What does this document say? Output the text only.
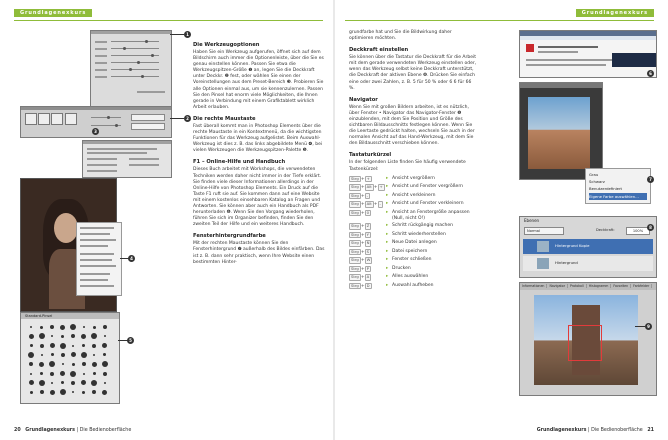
Grundlagenexkurs
Standard-Pinsel
1
2
3
4
5
Die Werkzeugoptionen

Haben Sie ein Werkzeug aufgerufen, öffnet sich auf dem Bildschirm auch immer die Optionenleiste, über die Sie es genau einstellen können. Passen Sie etwa die Werkzeugspitzen-Größe ❶ an, legen Sie die Deckkraft unter Deckkr. ❷ fest, oder wählen Sie einen der Voreinstellungen aus dem Preset-Bereich ❸. Probieren Sie alle Optionen einmal aus, um sie kennenzulernen. Passen Sie den Pinsel hat enorm viele Möglichkeiten, die Ihnen gerade in Verbindung mit einem Grafiktablett wirklich Arbeit erlauben.

Die rechte Maustaste

Fast überall kommt man in Photoshop Elements über die rechte Maustaste in ein Kontextmenü, da die wichtigsten Funktionen für das Werkzeug aufgelistet. Beim Auswahl-Werkzeug ist dies z. B. das links abgebildete Menü ❹, bei vielen Werkzeugen die Werkzeugspitzen-Palette ❺.

F1 – Online-Hilfe und Handbuch

Dieses Buch arbeitet mit Workshops, die verwendeten Techniken werden daher nicht immer in der Tiefe erklärt. Sie finden viele dieser Informationen allerdings in der Online-Hilfe von Photoshop Elements. Ein Druck auf die Taste F1 ruft sie auf. Sie kommen dann auf eine Website mit einem kostenlos einsehbaren Katalog an Fragen und Antworten. Sie können aber auch ein Handbuch als PDF herunterladen ❻. Wenn Sie den Vorgang wiederholen, führen Sie sich im Organizer befinden, finden Sie den zweiten Teil der Hilfe und ein weiteres Handbuch.

Fensterhintergrundfarbe

Mit der rechten Maustaste können Sie den Fensterhintergrund ❼ außerhalb des Bildes einfärben. Das ist z. B. dann sehr praktisch, wenn Ihre Website einen bestimmten Hinter-

20 Grundlagenexkurs | Die Bedienoberfläche
Grundlagenexkurs

grundfarbe hat und Sie die Bildwirkung daher optimieren möchten.

Deckkraft einstellen

Sie können über die Tastatur die Deckkraft für die Arbeit mit dem gerade verwendeten Werkzeug einstellen oder, wenn das Werkzeug selbst keine Deckkraft unterstützt, die Deckkraft der aktiven Ebene ❽. Drücken Sie einfach eine oder zwei Zahlen, z. B. 5 für 50 % oder 6 6 für 66 %.

Navigator

Wenn Sie mit großen Bildern arbeiten, ist es nützlich, über Fenster • Navigator das Navigator-Fenster ❾ einzublenden, mit dem Sie Position und Größe des sichtbaren Bildausschnitts festlegen können. Wenn Sie die Leertaste gedrückt halten, wechseln Sie auch in der normalen Ansicht auf das Hand-Werkzeug, mit dem Sie den Bildausschnitt verschieben können.

Tastaturkürzel

In der folgenden Liste finden Sie häufig verwendete Tastenkürzel:

Strg + +	▸ Ansicht vergrößern
Strg + Alt + + ▸ Ansicht und Fenster vergrößern
Strg + -	▸ Ansicht verkleinern
Strg + Alt + -	▸ Ansicht und Fenster verkleinern
Strg + 0	▸ Ansicht an Fenstergröße anpassen (Null, nicht O!)
Strg + Z	▸ Schritt rückgängig machen
Strg + Y	▸ Schritt wiederherstellen
Strg + N	▸ Neue Datei anlegen
Strg + S	▸ Datei speichern
Strg + W	▸ Fenster schließen
Strg + P	▸ Drucken
Strg + A	▸ Alles auswählen
Strg + D	▸ Auswahl aufheben
6
Grau
Schwarz
Benutzerdefiniert
Eigene Farbe auswählen...
7
Ebenen
Normal	Deckkraft:	100%
Hintergrund Kopie
Hintergrund
8
Informationen Navigator Protokoll Histogramm Favoriten Farbfelder
9
Grundlagenexkurs | Die Bedienoberfläche 21
